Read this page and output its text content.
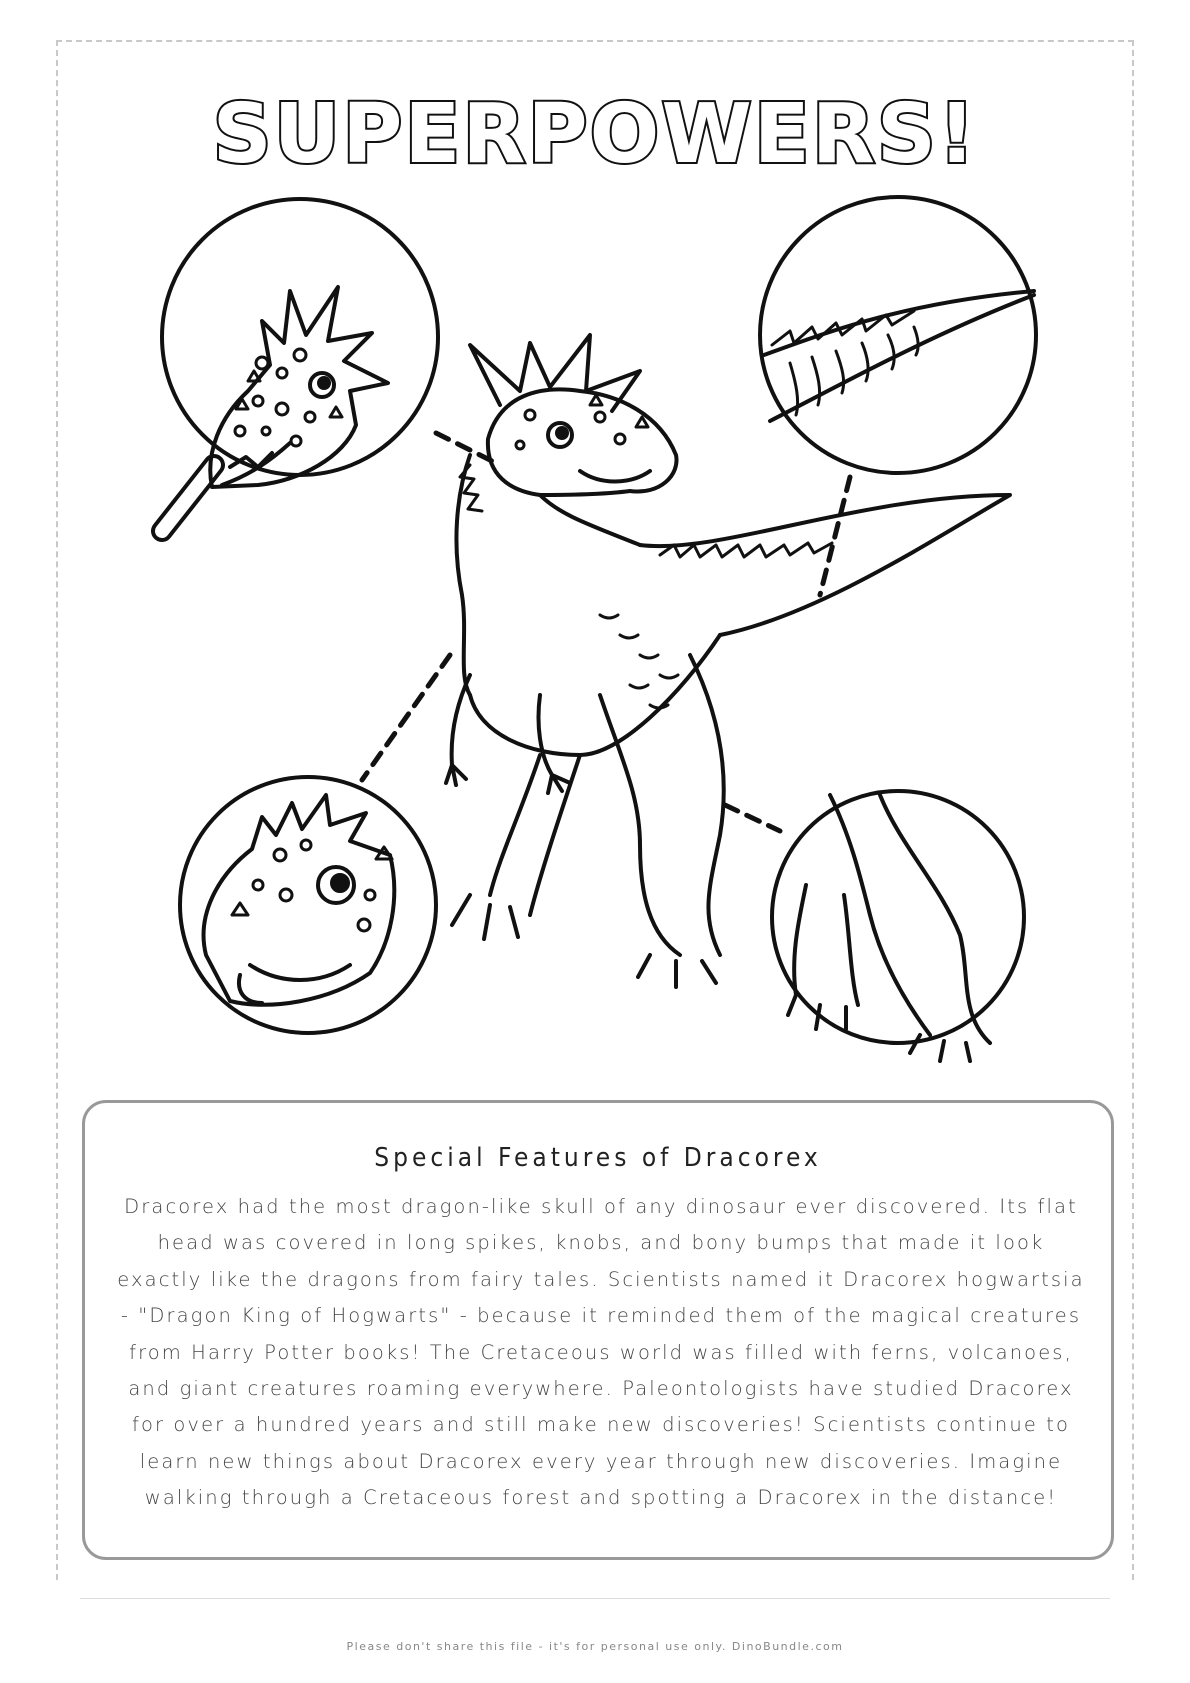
SUPERPOWERS!
Special Features of Dracorex
Dracorex had the most dragon-like skull of any dinosaur ever discovered. Its flat head was covered in long spikes, knobs, and bony bumps that made it look exactly like the dragons from fairy tales. Scientists named it Dracorex hogwartsia - "Dragon King of Hogwarts" - because it reminded them of the magical creatures from Harry Potter books! The Cretaceous world was filled with ferns, volcanoes, and giant creatures roaming everywhere. Paleontologists have studied Dracorex for over a hundred years and still make new discoveries! Scientists continue to learn new things about Dracorex every year through new discoveries. Imagine walking through a Cretaceous forest and spotting a Dracorex in the distance!
Please don't share this file - it's for personal use only. DinoBundle.com
